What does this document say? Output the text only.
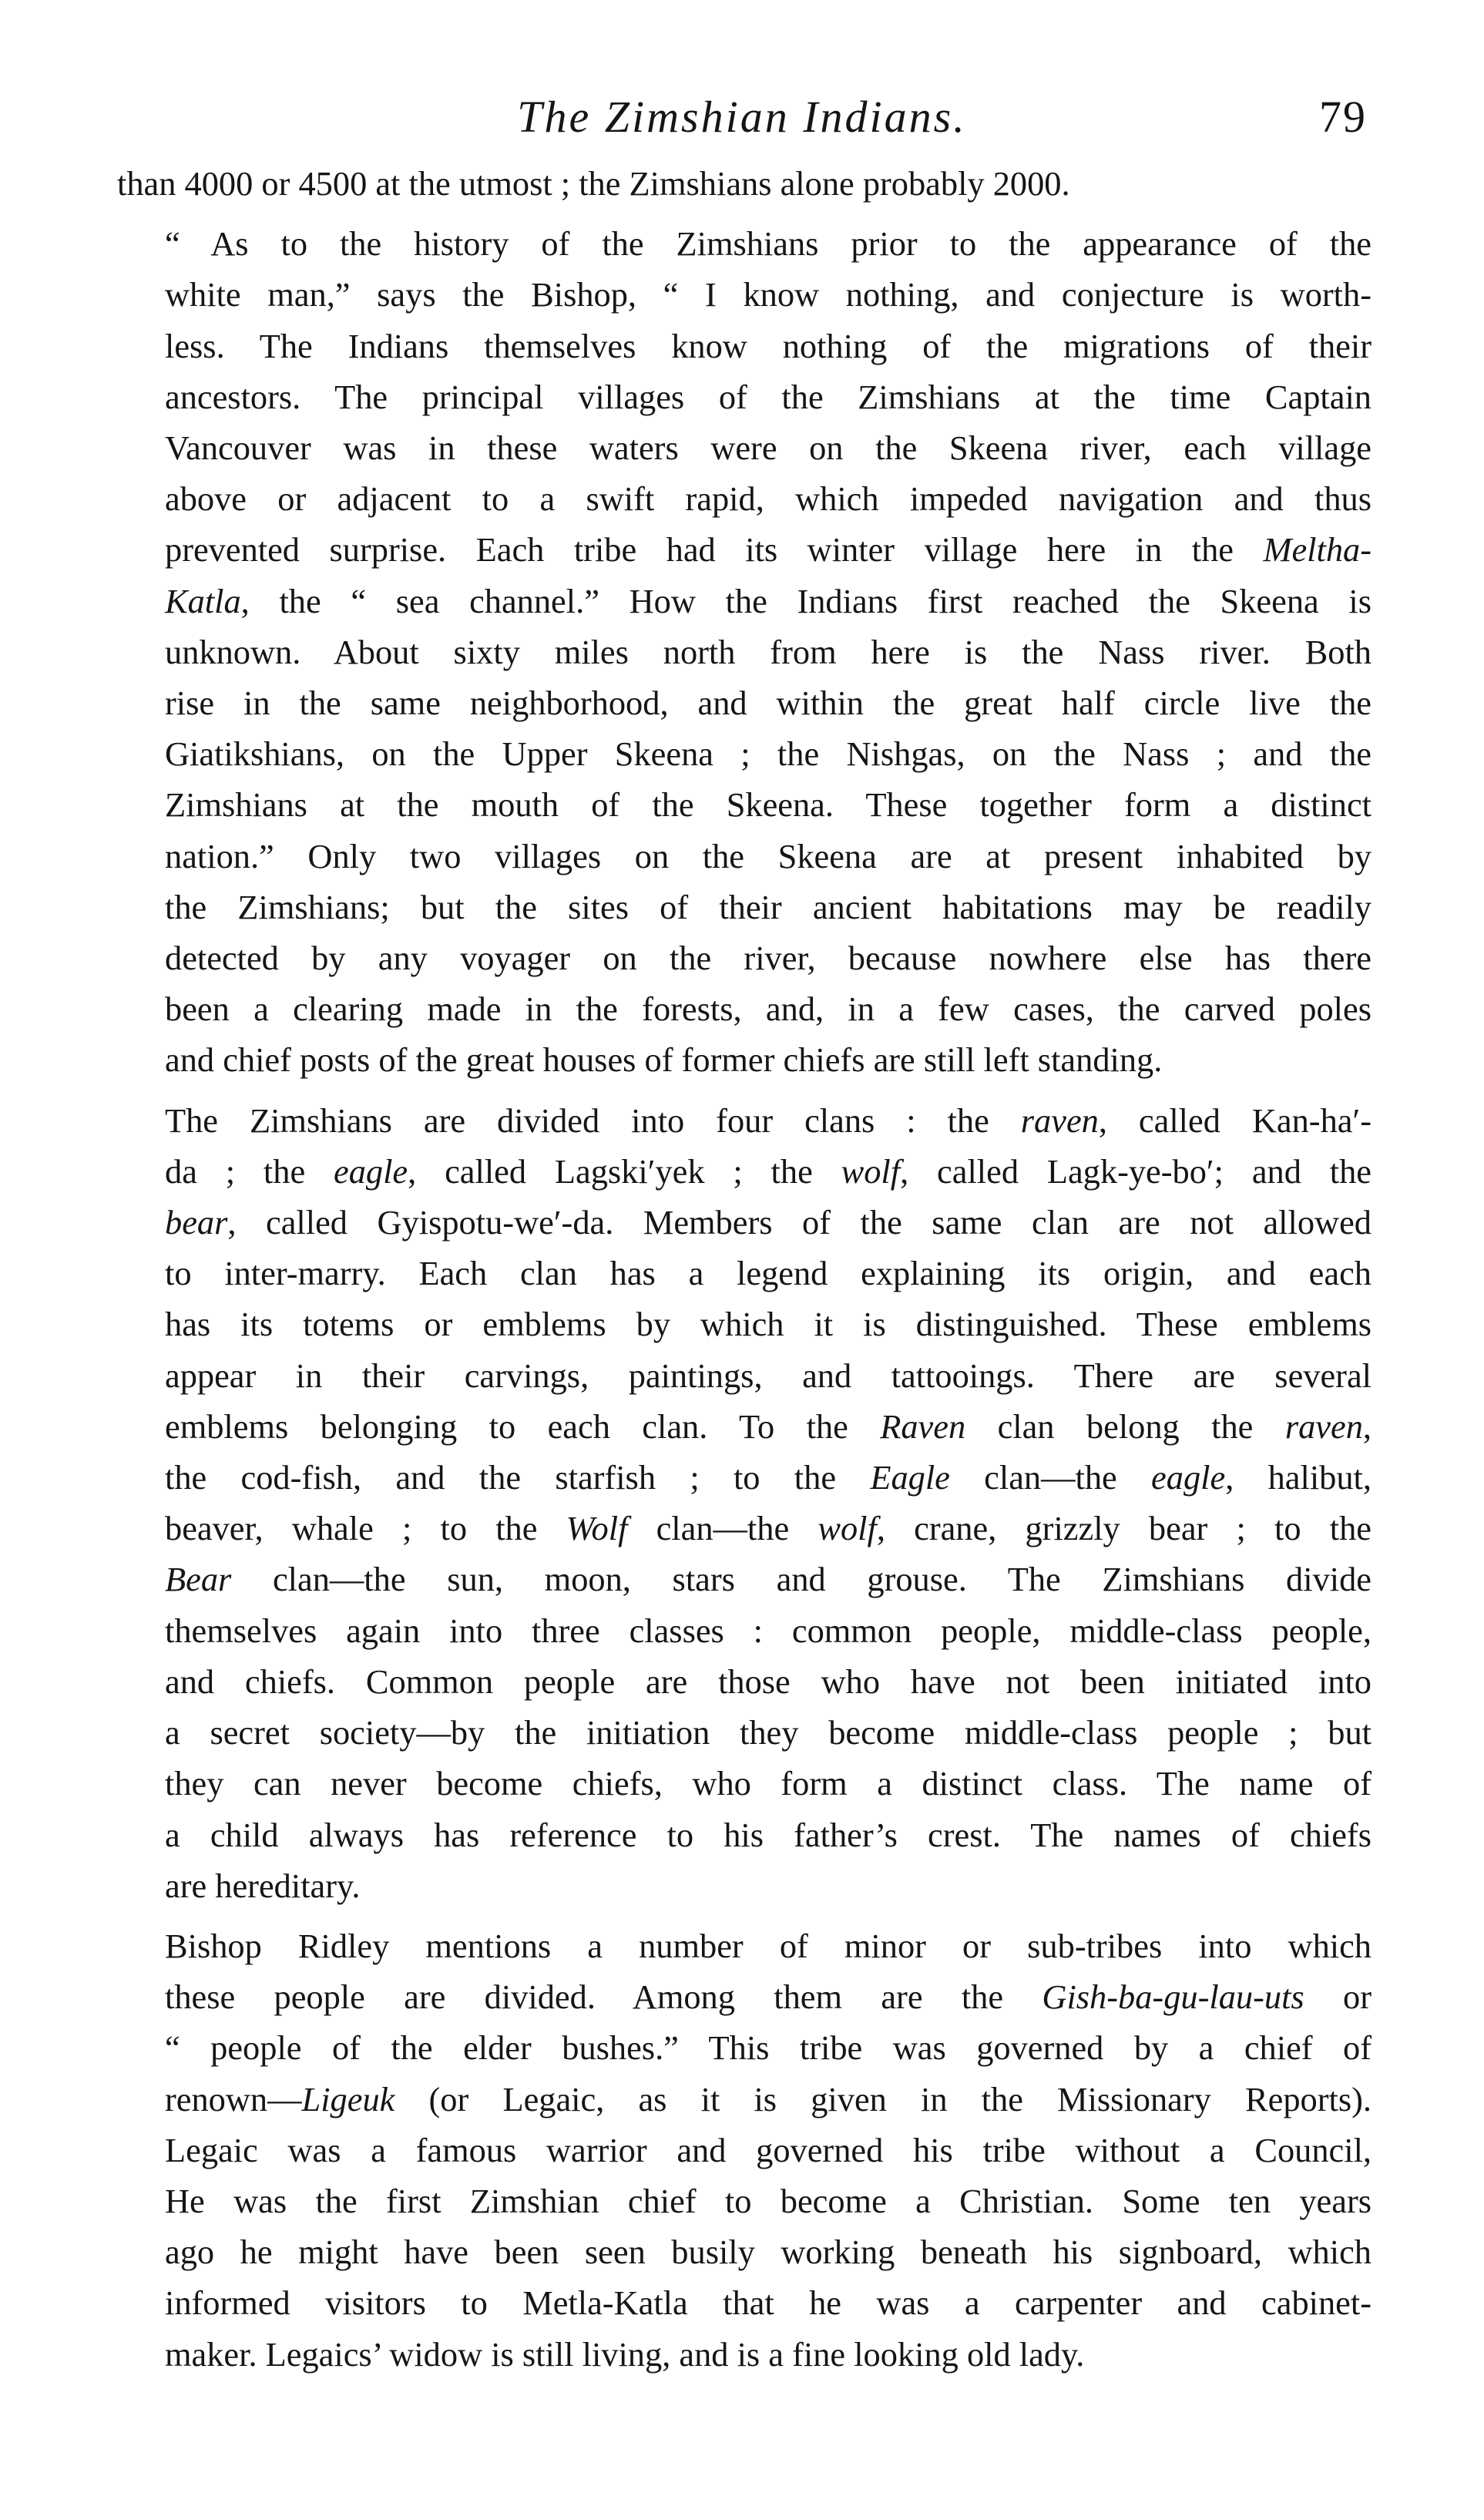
The Zimshian Indians.	79
than 4000 or 4500 at the utmost ; the Zimshians alone probably 2000.
“ As to the history of the Zimshians prior to the appearance of the
white man,” says the Bishop, “ I know nothing, and conjecture is worth-
less. The Indians themselves know nothing of the migrations of their
ancestors. The principal villages of the Zimshians at the time Captain
Vancouver was in these waters were on the Skeena river, each village
above or adjacent to a swift rapid, which impeded navigation and thus
prevented surprise. Each tribe had its winter village here in the Meltha-
Katla, the “ sea channel.” How the Indians first reached the Skeena is
unknown. About sixty miles north from here is the Nass river. Both
rise in the same neighborhood, and within the great half circle live the
Giatikshians, on the Upper Skeena ; the Nishgas, on the Nass ; and the
Zimshians at the mouth of the Skeena. These together form a distinct
nation.” Only two villages on the Skeena are at present inhabited by
the Zimshians; but the sites of their ancient habitations may be readily
detected by any voyager on the river, because nowhere else has there
been a clearing made in the forests, and, in a few cases, the carved poles
and chief posts of the great houses of former chiefs are still left standing.
The Zimshians are divided into four clans : the raven, called Kan-ha′-
da ; the eagle, called Lagski′yek ; the wolf, called Lagk-ye-bo′; and the
bear, called Gyispotu-we′-da. Members of the same clan are not allowed
to inter-marry. Each clan has a legend explaining its origin, and each
has its totems or emblems by which it is distinguished. These emblems
appear in their carvings, paintings, and tattooings. There are several
emblems belonging to each clan. To the Raven clan belong the raven,
the cod-fish, and the starfish ; to the Eagle clan—the eagle, halibut,
beaver, whale ; to the Wolf clan—the wolf, crane, grizzly bear ; to the
Bear clan—the sun, moon, stars and grouse. The Zimshians divide
themselves again into three classes : common people, middle-class people,
and chiefs. Common people are those who have not been initiated into
a secret society—by the initiation they become middle-class people ; but
they can never become chiefs, who form a distinct class. The name of
a child always has reference to his father’s crest. The names of chiefs
are hereditary.
Bishop Ridley mentions a number of minor or sub-tribes into which
these people are divided. Among them are the Gish-ba-gu-lau-uts or
“ people of the elder bushes.” This tribe was governed by a chief of
renown—Ligeuk (or Legaic, as it is given in the Missionary Reports).
Legaic was a famous warrior and governed his tribe without a Council,
He was the first Zimshian chief to become a Christian. Some ten years
ago he might have been seen busily working beneath his signboard, which
informed visitors to Metla-Katla that he was a carpenter and cabinet-
maker. Legaics’ widow is still living, and is a fine looking old lady.
